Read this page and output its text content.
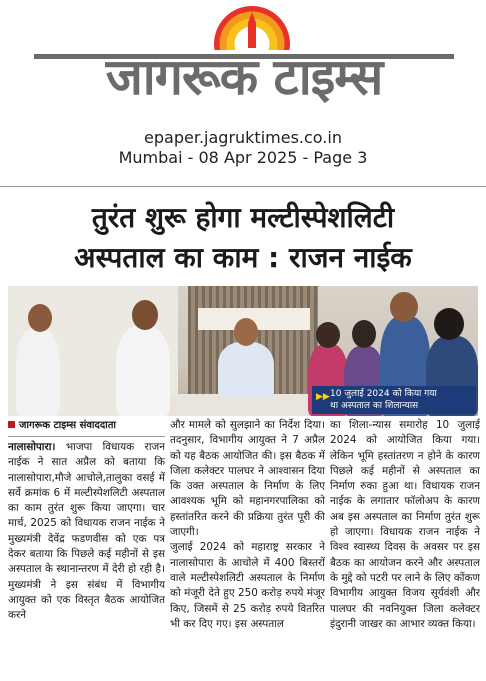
जागरूक टाइम्स
epaper.jagruktimes.co.in
Mumbai - 08 Apr 2025 - Page 3
तुरंत शुरू होगा मल्टीस्पेशलिटी
अस्पताल का काम : राजन नाईक
▶▶ 10 जुलाई 2024 को किया गया
था अस्पताल का शिलान्यास
जागरूक टाइम्स संवाददाता
नालासोपारा। भाजपा विधायक राजन नाईक ने सात अप्रैल को बताया कि नालासोपारा,मौजे आचोले,तालुका वसई में सर्वे क्रमांक 6 में मल्टीस्पेशलिटी अस्पताल का काम तुरंत शुरू किया जाएगा। चार मार्च, 2025 को विधायक राजन नाईक ने मुख्यमंत्री देवेंद्र फडणवीस को एक पत्र देकर बताया कि पिछले कई महीनों से इस अस्पताल के स्थानान्तरण में देरी हो रही है। मुख्यमंत्री ने इस संबंध में विभागीय आयुक्त को एक विस्तृत बैठक आयोजित करने
और मामले को सुलझाने का निर्देश दिया। तदनुसार, विभागीय आयुक्त ने 7 अप्रैल को यह बैठक आयोजित की। इस बैठक में जिला कलेक्टर पालघर ने आश्वासन दिया कि उक्त अस्पताल के निर्माण के लिए आवश्यक भूमि को महानगरपालिका को हस्तांतरित करने की प्रक्रिया तुरंत पूरी की जाएगी।
जुलाई 2024 को महाराष्ट्र सरकार ने नालासोपारा के आचोले में 400 बिस्तरों वाले मल्टीस्पेशलिटी अस्पताल के निर्माण को मंजूरी देते हुए 250 करोड़ रुपये मंजूर किए, जिसमें से 25 करोड़ रुपये वितरित भी कर दिए गए। इस अस्पताल
का शिला-न्यास समारोह 10 जुलाई 2024 को आयोजित किया गया। लेकिन भूमि हस्तांतरण न होने के कारण पिछले कई महीनों से अस्पताल का निर्माण रुका हुआ था। विधायक राजन नाईक के लगातार फॉलोअप के कारण अब इस अस्पताल का निर्माण तुरंत शुरू हो जाएगा। विधायक राजन नाईक ने विश्व स्वास्थ्य दिवस के अवसर पर इस बैठक का आयोजन करने और अस्पताल के मुद्दे को पटरी पर लाने के लिए कोंकण विभागीय आयुक्त विजय सूर्यवंशी और पालघर की नवनियुक्त जिला कलेक्टर इंदुरानी जाखर का आभार व्यक्त किया।
